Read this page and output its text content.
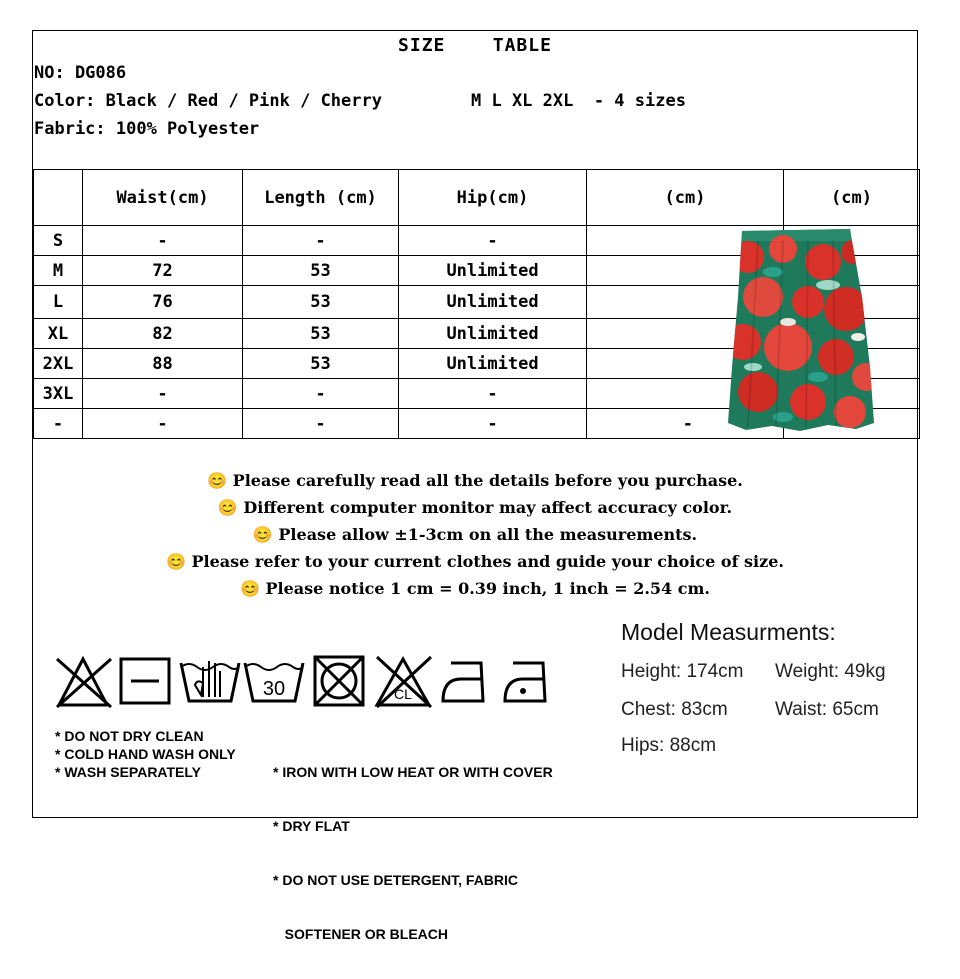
SIZE    TABLE
NO: DG086
Color: Black / Red / Pink / Cherry	M L XL 2XL  - 4 sizes
Fabric: 100% Polyester
	Waist(cm)	Length (cm)	Hip(cm)	(cm)	(cm)
S	-	-	-		
M	72	53	Unlimited		
L	76	53	Unlimited		
XL	82	53	Unlimited		
2XL	88	53	Unlimited		
3XL	-	-	-		
-	-	-	-	-	
😊 Please carefully read all the details before you purchase.
😊 Different computer monitor may affect accuracy color.
😊 Please allow ±1-3cm on all the measurements.
😊 Please refer to your current clothes and guide your choice of size.
😊 Please notice 1 cm = 0.39 inch, 1 inch = 2.54 cm.
30	CL
* DO NOT DRY CLEAN
* COLD HAND WASH ONLY
* WASH SEPARATELY

	* IRON WITH LOW HEAT OR WITH COVER

* DRY FLAT

* DO NOT USE DETERGENT, FABRIC

SOFTENER OR BLEACH

Model Measurments:
Height: 174cm Weight: 49kg
Chest: 83cm Waist: 65cm
Hips: 88cm
